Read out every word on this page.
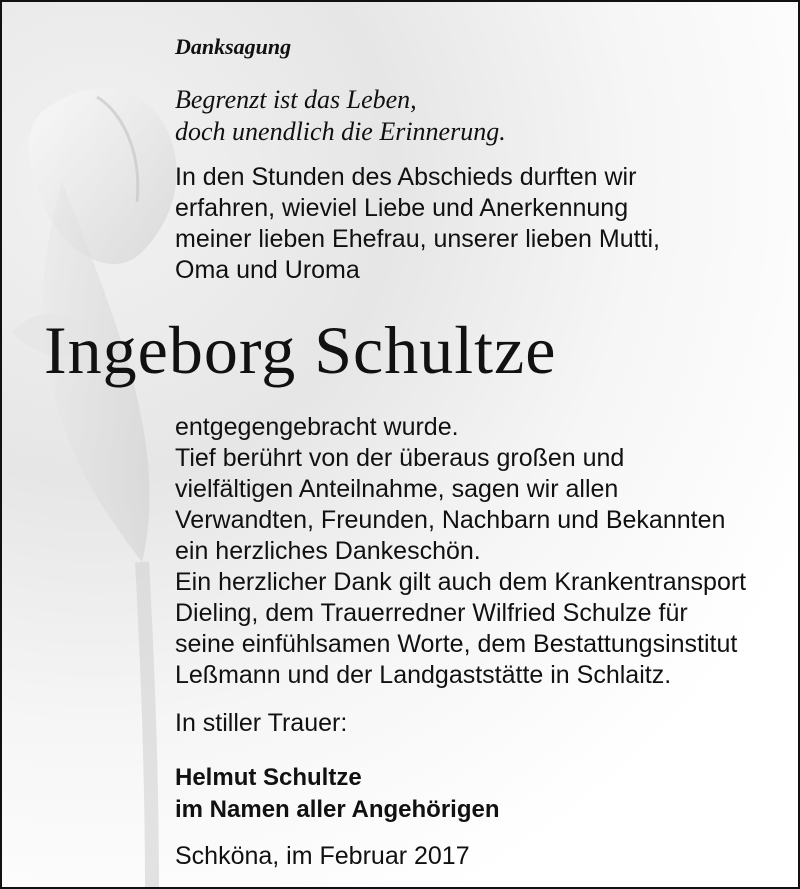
Danksagung
Begrenzt ist das Leben,
doch unendlich die Erinnerung.
In den Stunden des Abschieds durften wir
erfahren, wieviel Liebe und Anerkennung
meiner lieben Ehefrau, unserer lieben Mutti,
Oma und Uroma
Ingeborg Schultze
entgegengebracht wurde.
Tief berührt von der überaus großen und
vielfältigen Anteilnahme, sagen wir allen
Verwandten, Freunden, Nachbarn und Bekannten
ein herzliches Dankeschön.
Ein herzlicher Dank gilt auch dem Krankentransport
Dieling, dem Trauerredner Wilfried Schulze für
seine einfühlsamen Worte, dem Bestattungsinstitut
Leßmann und der Landgaststätte in Schlaitz.
In stiller Trauer:
Helmut Schultze
im Namen aller Angehörigen
Schköna, im Februar 2017
